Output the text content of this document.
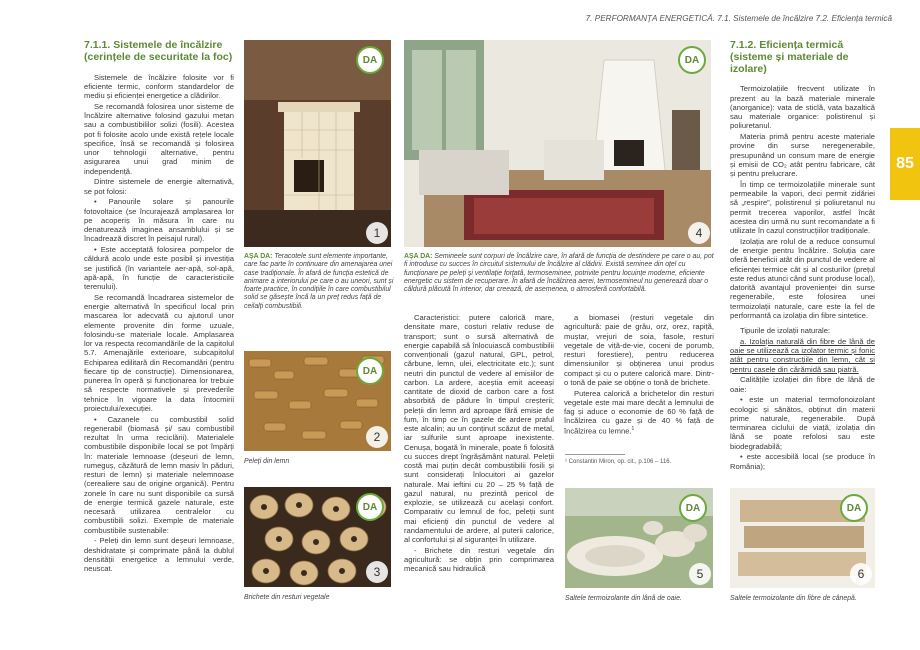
7. PERFORMANȚA ENERGETICĂ. 7.1. Sistemele de încălzire 7.2. Eficiența termică
85
7.1.1. Sistemele de încălzire (cerințele de securitate la foc)

Sistemele de încălzire folosite vor fi eficiente termic, conform standardelor de mediu și eficienței energetice a clădirilor.

Se recomandă folosirea unor sisteme de încălzire alternative folosind gazului metan sau a combustibililor solizi (fosili). Acestea pot fi folosite acolo unde există rețele locale specifice, însă se recomandă și folosirea unor tehnologii alternative, pentru asigurarea unui grad minim de independență.

Dintre sistemele de energie alternativă, se pot folosi:

• Panourile solare și panourile fotovoltaice (se încurajează amplasarea lor pe acoperiș în măsura în care nu denaturează imaginea ansamblului și se încadrează discret în peisajul rural).

• Este acceptată folosirea pompelor de căldură acolo unde este posibil și investiția se justifică (în variantele aer-apă, sol-apă, apă-apă, în funcție de caracteristicile terenului).

Se recomandă încadrarea sistemelor de energie alternativă în specificul local prin mascarea lor adecvată cu ajutorul unor elemente provenite din forme uzuale, folosindu-se materiale locale. Amplasarea lor va respecta recomandările de la capitolul 5.7. Amenajările exterioare, subcapitolul Echiparea edilitară din Recomandări (pentru fiecare tip de construcție). Dimensionarea, punerea în operă și funcționarea lor trebuie să respecte normativele și prevederile tehnice în vigoare la data întocmirii proiectului/execuției.

• Cazanele cu combustibil solid regenerabil (biomasă și/ sau combustibil rezultat în urma reciclării). Materialele combustibile disponibile local se pot împărți în: materiale lemnoase (deșeuri de lemn, rumeguș, căzătură de lemn masiv în păduri, resturi de lemn) și materiale nelemnoase (cerealiere sau de origine organică). Pentru zonele în care nu sunt disponibile ca sursă de energie termică gazele naturale, este necesară utilizarea centralelor cu combustibili solizi. Exemple de materiale combustibile sustenabile:

- Peleți din lemn sunt deșeuri lemnoase, deshidratate și comprimate până la dublul densității energetice a lemnului verde, neuscat.

DA
1
AȘA DA: Teracotele sunt elemente importante, care fac parte în continuare din amenajarea unei case tradiționale. În afară de funcția estetică de animare a interiorului pe care o au uneori, sunt și foarte practice, în condițiile în care combustibilul solid se găsește încă la un preț redus față de ceilalți combustibili.
DA
2
Peleți din lemn
DA
3
Brichete din resturi vegetale
DA
4
AȘA DA: Seminеele sunt corpuri de încălzire care, în afară de funcția de destindere pe care o au, pot fi introduse cu succes în circuitul sistemului de încălzire al clădirii. Există semineе din oțel cu funcționare pe peleți și ventilație forțată, termosemineе, potrivite pentru locuințe moderne, eficiente energetic cu sistem de recuperare. În afară de încălzirea aerei, termoseminеul nu generează doar o căldură plăcută în interior, dar creează, de asemenea, o atmosferă confortabilă.

Caracteristici: putere calorică mare, densitate mare, costuri relativ reduse de transport; sunt o sursă alternativă de energie capabilă să înlocuiască combustibilii convenționali (gazul natural, GPL, petrol, cărbune, lemn, ulei, electricitate etc.); sunt neutri din punctul de vedere al emisiilor de carbon. La ardere, aceștia emit aceeași cantitate de dioxid de carbon care a fost absorbită de pădure în timpul creșterii; peleții din lemn ard aproape fără emisie de fum, în timp ce în gazele de ardere praful este alcalin; au un conținut scăzut de metal, iar sulfurile sunt aproape inexistente. Cenușa, bogată în minerale, poate fi folosită cu succes drept îngrășământ natural. Peleții costă mai puțin decât combustibilii fosili și sunt considerați înlocuitori ai gazelor naturale. Mai ieftini cu 20 – 25 % față de gazul natural, nu prezintă pericol de explozie, se utilizează cu același confort. Comparativ cu lemnul de foc, peleții sunt mai eficienți din punctul de vedere al randamentului de ardere, al puterii calorice, al confortului și al siguranței în utilizare.

- Brichete din resturi vegetale din agricultură: se obțin prin comprimarea mecanică sau hidraulică

a biomasei (resturi vegetale din agricultură: paie de grâu, orz, orez, rapiță, muștar, vrejuri de soia, fasole, resturi vegetale de viță-de-vie, coceni de porumb, resturi forestiere), pentru reducerea dimensiunilor și obținerea unui produs compact și cu o putere calorică mare. Dintr-o tonă de paie se obține o tonă de brichete.

Puterea calorică a brichetelor din resturi vegetale este mai mare decât a lemnului de fag și aduce o economie de 60 % față de încălzirea cu gaze și de 40 % față de încălzirea cu lemne.$^1$

¹ Constantin Miron, op. cit., p.106 – 116.
DA
5
Saltele termoizolante din lână de oaie.
7.1.2. Eficiența termică (sisteme și materiale de izolare)

Termoizolațiile frecvent utilizate în prezent au la bază materiale minerale (anorganice): vata de sticlă, vata bazaltică sau materiale organice: polistirenul și poliuretanul.

Materia primă pentru aceste materiale provine din surse neregenerabile, presupunând un consum mare de energie și emisii de CO₂ atât pentru fabricare, cât și pentru prelucrare.

În timp ce termoizolațiile minerale sunt permeabile la vapori, deci permit zidăriei să „respire”, polistirenul și poliuretanul nu permit trecerea vaporilor, astfel încât acestea din urmă nu sunt recomandate a fi utilizate în cazul construcțiilor tradiționale.

Izolația are rolul de a reduce consumul de energie pentru încălzire. Soluția care oferă beneficii atât din punctul de vedere al eficienței termice cât și al costurilor (prețul este redus atunci când sunt produse local), datorită avantajul provenienței din surse regenerabile, este folosirea unei termoizolații naturale, care este la fel de performantă ca izolația din fibre sintetice.

Tipurile de izolații naturale:

a. Izolația naturală din fibre de lână de oaie se utilizează ca izolator termic și fonic atât pentru construcțiile din lemn, cât și pentru casele din cărămidă sau piatră.

Calitățile izolației din fibre de lână de oaie:

• este un material termofonoizolant ecologic și sănătos, obținut din materii prime naturale, regenerabile. După terminarea ciclului de viață, izolația din lână se poate refolosi sau este biodegradabilă;

• este accesibilă local (se produce în România);

DA
6
Saltele termoizolante din fibre de cânepă.
